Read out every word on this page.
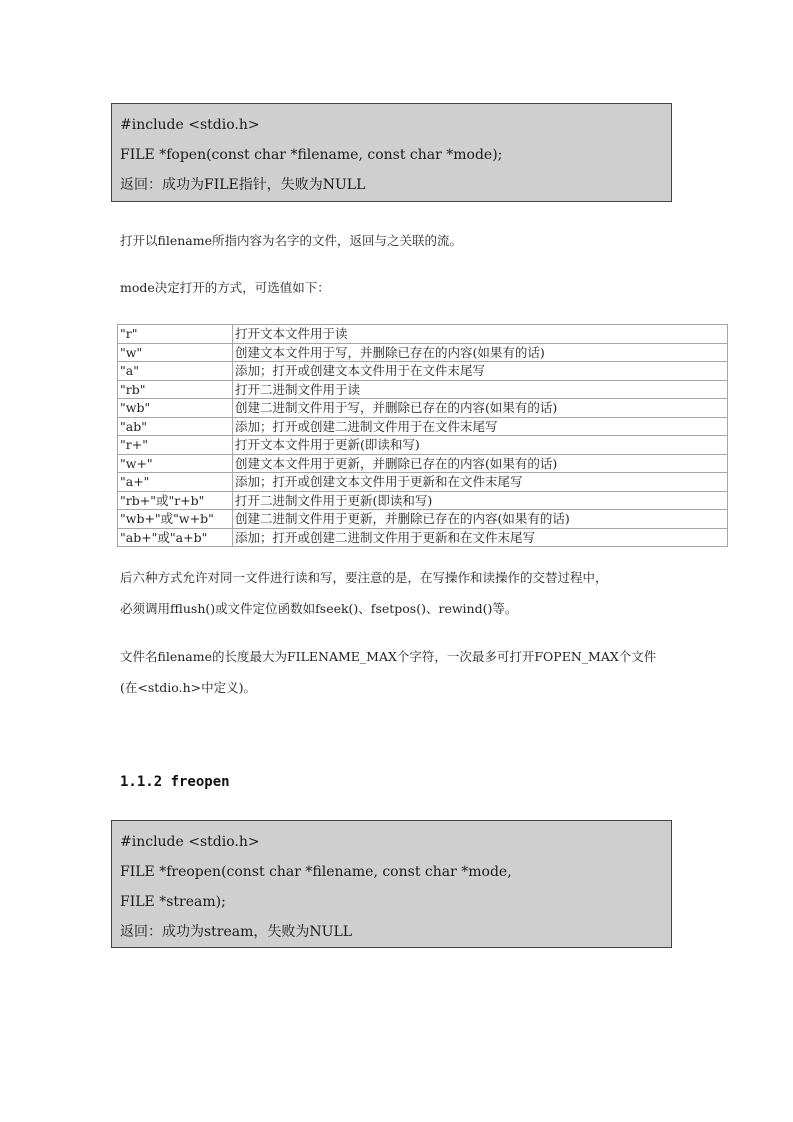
#include <stdio.h>
FILE *fopen(const char *filename, const char *mode);
返回：成功为FILE指针，失败为NULL
打开以filename所指内容为名字的文件，返回与之关联的流。
mode决定打开的方式，可选值如下：
"r"	打开文本文件用于读
"w"	创建文本文件用于写，并删除已存在的内容(如果有的话)
"a"	添加；打开或创建文本文件用于在文件末尾写
"rb"	打开二进制文件用于读
"wb"	创建二进制文件用于写，并删除已存在的内容(如果有的话)
"ab"	添加；打开或创建二进制文件用于在文件末尾写
"r+"	打开文本文件用于更新(即读和写)
"w+"	创建文本文件用于更新，并删除已存在的内容(如果有的话)
"a+"	添加；打开或创建文本文件用于更新和在文件末尾写
"rb+"或"r+b"	打开二进制文件用于更新(即读和写)
"wb+"或"w+b"	创建二进制文件用于更新，并删除已存在的内容(如果有的话)
"ab+"或"a+b"	添加；打开或创建二进制文件用于更新和在文件末尾写
后六种方式允许对同一文件进行读和写，要注意的是，在写操作和读操作的交替过程中，
必须调用fflush()或文件定位函数如fseek()、fsetpos()、rewind()等。
文件名filename的长度最大为FILENAME_MAX个字符，一次最多可打开FOPEN_MAX个文件
(在<stdio.h>中定义)。
1.1.2 freopen
#include <stdio.h>
FILE *freopen(const char *filename, const char *mode,
FILE *stream);
返回：成功为stream，失败为NULL
